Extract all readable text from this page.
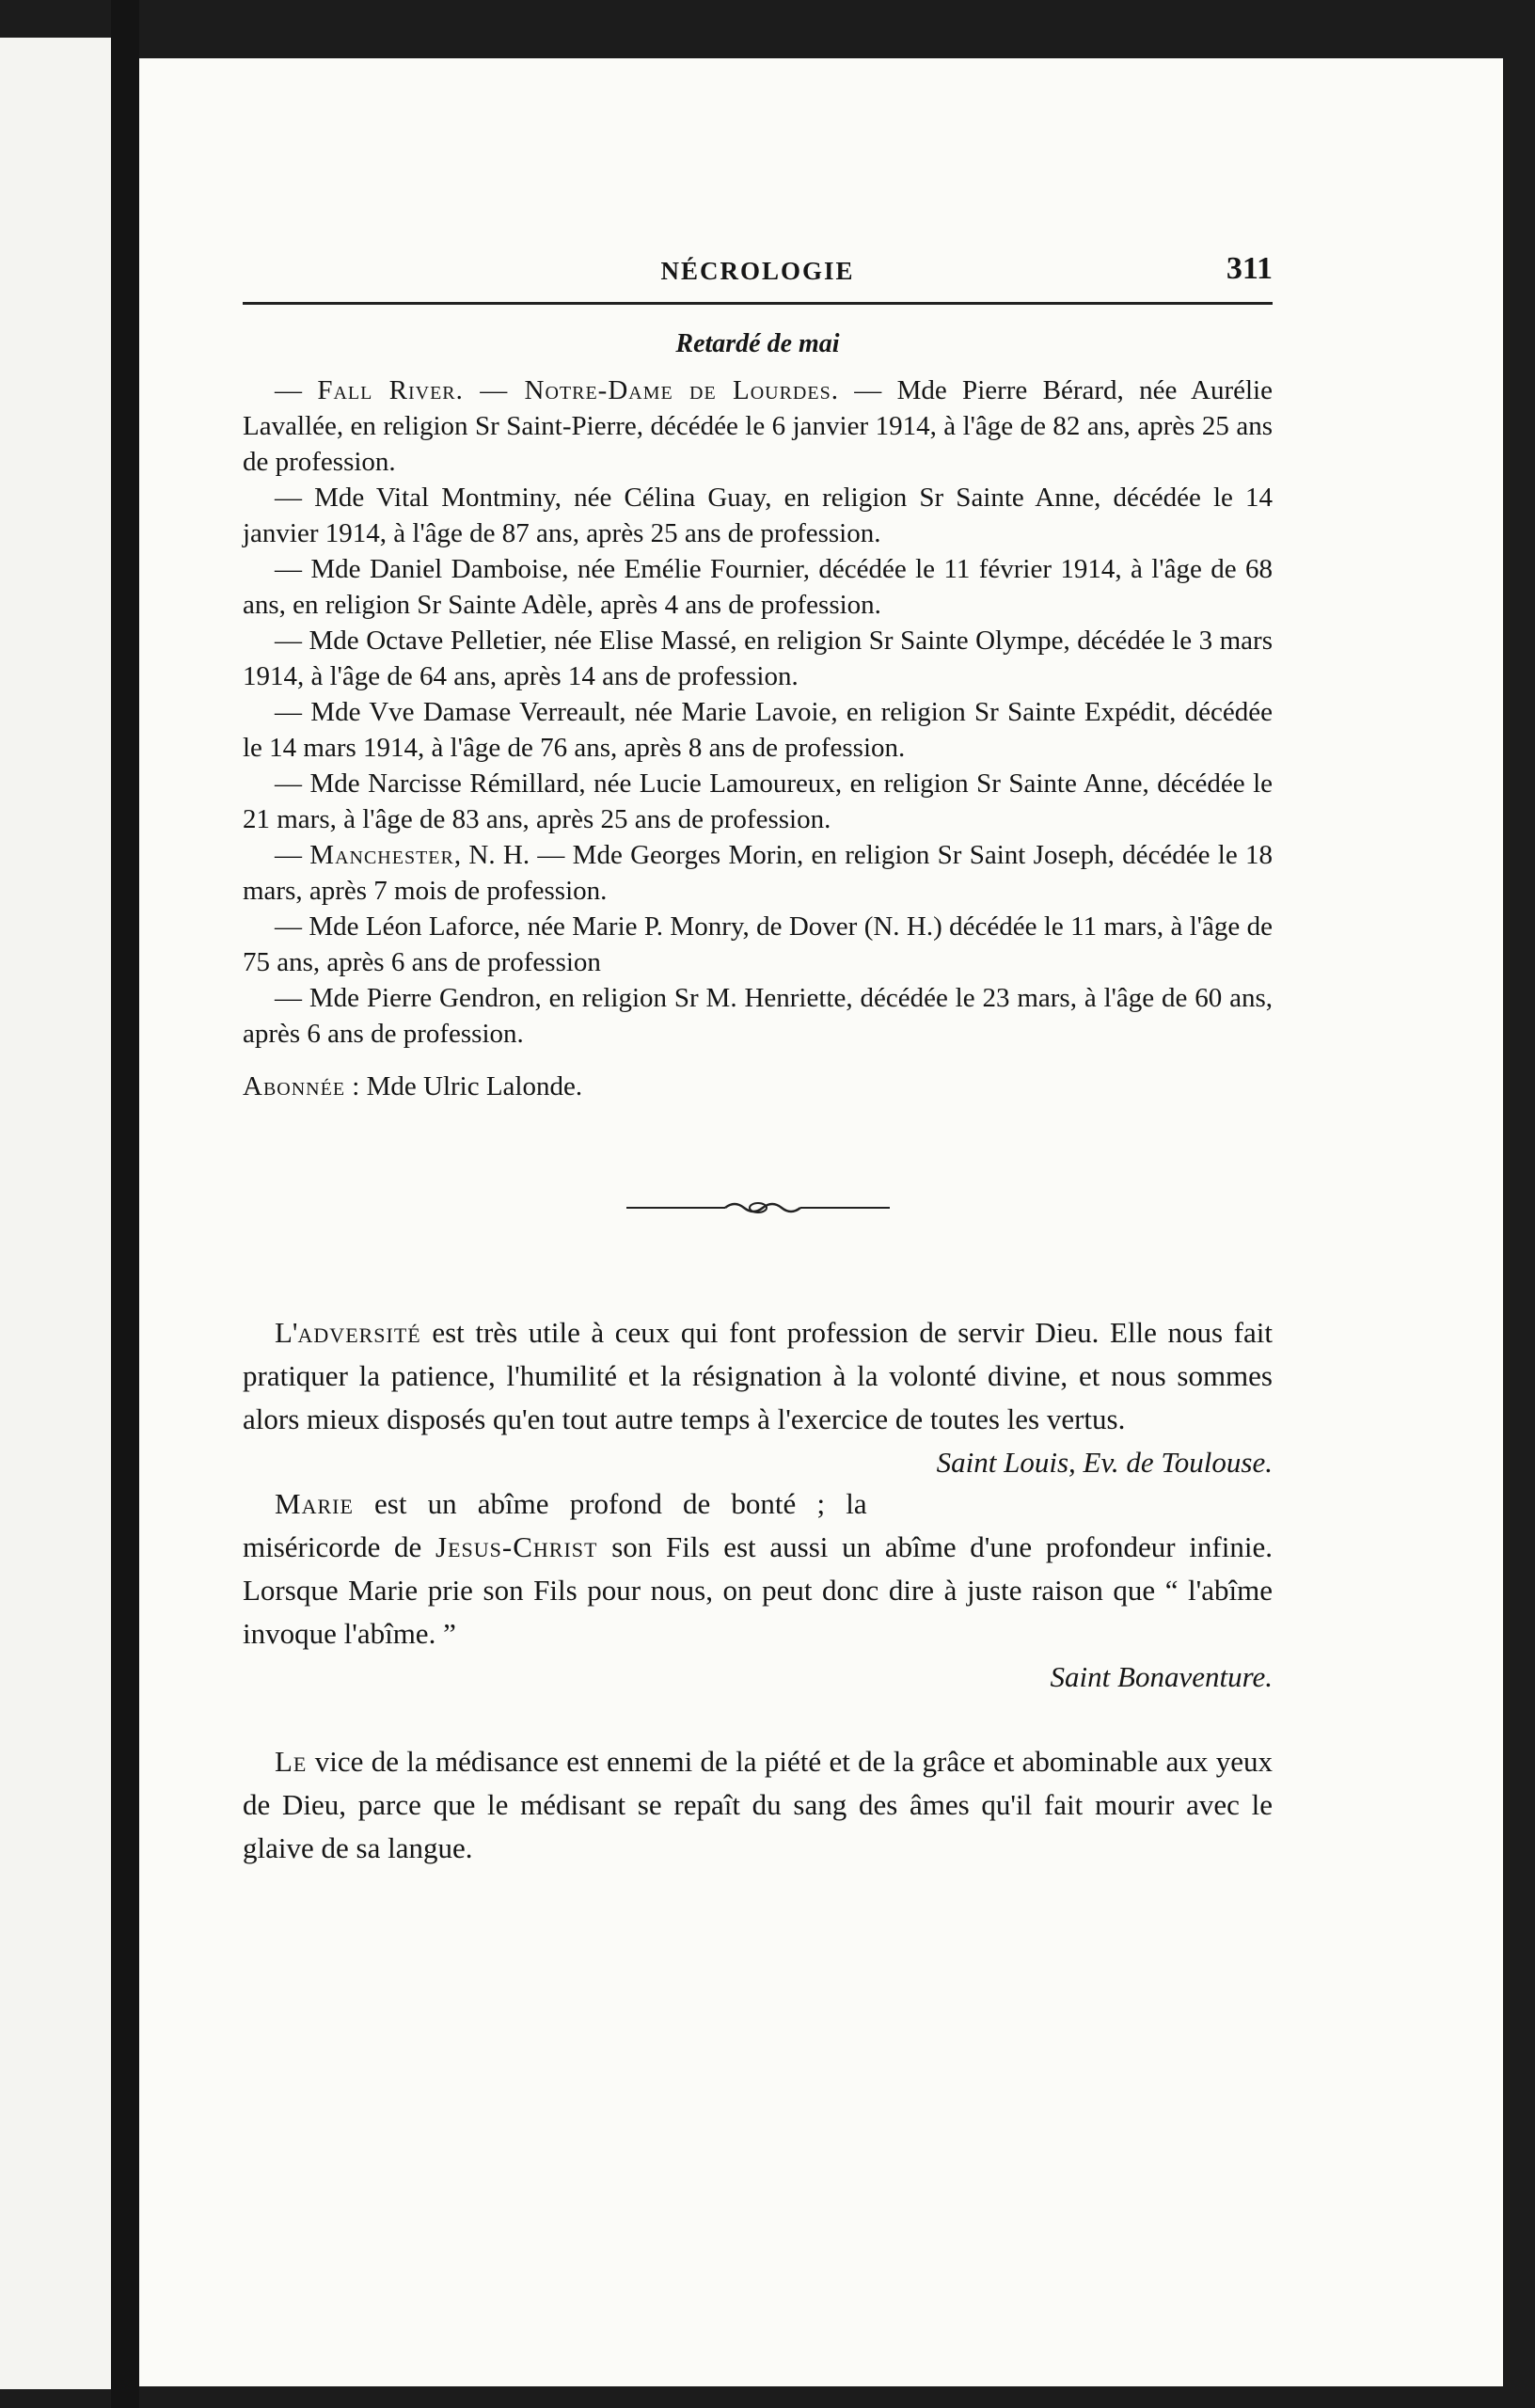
NÉCROLOGIE	311
Retardé de mai

— Fall River. — Notre-Dame de Lourdes. — Mde Pierre Bérard, née Aurélie Lavallée, en religion Sr Saint-Pierre, décédée le 6 janvier 1914, à l'âge de 82 ans, après 25 ans de profession.

— Mde Vital Montminy, née Célina Guay, en religion Sr Sainte Anne, décédée le 14 janvier 1914, à l'âge de 87 ans, après 25 ans de profession.

— Mde Daniel Damboise, née Emélie Fournier, décédée le 11 février 1914, à l'âge de 68 ans, en religion Sr Sainte Adèle, après 4 ans de profession.

— Mde Octave Pelletier, née Elise Massé, en religion Sr Sainte Olympe, décédée le 3 mars 1914, à l'âge de 64 ans, après 14 ans de profession.

— Mde Vve Damase Verreault, née Marie Lavoie, en religion Sr Sainte Expédit, décédée le 14 mars 1914, à l'âge de 76 ans, après 8 ans de profession.

— Mde Narcisse Rémillard, née Lucie Lamoureux, en religion Sr Sainte Anne, décédée le 21 mars, à l'âge de 83 ans, après 25 ans de profession.

— Manchester, N. H. — Mde Georges Morin, en religion Sr Saint Joseph, décédée le 18 mars, après 7 mois de profession.

— Mde Léon Laforce, née Marie P. Monry, de Dover (N. H.) décédée le 11 mars, à l'âge de 75 ans, après 6 ans de profession

— Mde Pierre Gendron, en religion Sr M. Henriette, décédée le 23 mars, à l'âge de 60 ans, après 6 ans de profession.

Abonnée : Mde Ulric Lalonde.

L'adversité est très utile à ceux qui font profession de servir Dieu. Elle nous fait pratiquer la patience, l'humilité et la résignation à la volonté divine, et nous sommes alors mieux disposés qu'en tout autre temps à l'exercice de toutes les vertus.
Saint Louis, Ev. de Toulouse.

Marie est un abîme profond de bonté ; la miséricorde de Jesus-Christ son Fils est aussi un abîme d'une profondeur infinie. Lorsque Marie prie son Fils pour nous, on peut donc dire à juste raison que “ l'abîme invoque l'abîme. ”

Saint Bonaventure.

Le vice de la médisance est ennemi de la piété et de la grâce et abominable aux yeux de Dieu, parce que le médisant se repaît du sang des âmes qu'il fait mourir avec le glaive de sa langue.
